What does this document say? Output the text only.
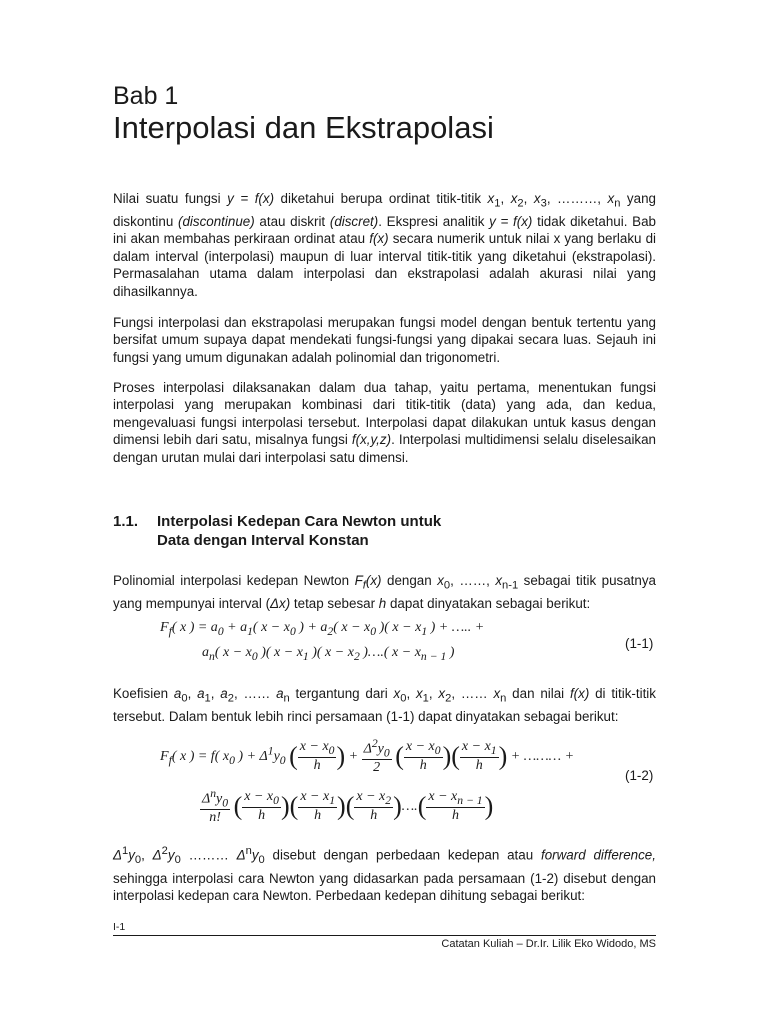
Bab 1
Interpolasi dan Ekstrapolasi

Nilai suatu fungsi y = f(x) diketahui berupa ordinat titik-titik $x_1$, $x_2$, $x_3$, ………, $x_n$ yang diskontinu (discontinue) atau diskrit (discret). Ekspresi analitik y = f(x) tidak diketahui. Bab ini akan membahas perkiraan ordinat atau f(x) secara numerik untuk nilai x yang berlaku di dalam interval (interpolasi) maupun di luar interval titik-titik yang diketahui (ekstrapolasi). Permasalahan utama dalam interpolasi dan ekstrapolasi adalah akurasi nilai yang dihasilkannya.

Fungsi interpolasi dan ekstrapolasi merupakan fungsi model dengan bentuk tertentu yang bersifat umum supaya dapat mendekati fungsi-fungsi yang dipakai secara luas. Sejauh ini fungsi yang umum digunakan adalah polinomial dan trigonometri.

Proses interpolasi dilaksanakan dalam dua tahap, yaitu pertama, menentukan fungsi interpolasi yang merupakan kombinasi dari titik-titik (data) yang ada, dan kedua, mengevaluasi fungsi interpolasi tersebut. Interpolasi dapat dilakukan untuk kasus dengan dimensi lebih dari satu, misalnya fungsi f(x,y,z). Interpolasi multidimensi selalu diselesaikan dengan urutan mulai dari interpolasi satu dimensi.

1.1. Interpolasi Kedepan Cara Newton untuk
Data dengan Interval Konstan

Polinomial interpolasi kedepan Newton $F_f(x)$ dengan $x_0$, ……, $x_{n-1}$ sebagai titik pusatnya yang mempunyai interval (Δx) tetap sebesar h dapat dinyatakan sebagai berikut:

$F_f$( x ) = $a_0 + a_1$( $x - x_0$ ) + $a_2$( $x - x_0$ )( $x - x_1$ ) + ….. +
$a_n$( $x - x_0$ )( $x - x_1$ )( $x - x_2$ )….( $x - x_{n - 1}$ )
(1-1)

Koefisien $a_0$, $a_1$, $a_2$, …… $a_n$ tergantung dari $x_0$, $x_1$, $x_2$, …… $x_n$ dan nilai f(x) di titik-titik tersebut. Dalam bentuk lebih rinci persamaan (1-1) dapat dinyatakan sebagai berikut:

$F_f$( x ) = f( $x_0$ ) + $\Delta^1y_0$ ( $\frac{x - x_0}{h}$ ) + $\frac{\Delta^2y_0}{2}$ ( $\frac{x - x_0}{h}$ )( $\frac{x - x_1}{h}$ ) + ……… +
$\frac{\Delta^ny_0}{n!}$ ( $\frac{x - x_0}{h}$ )( $\frac{x - x_1}{h}$ )( $\frac{x - x_2}{h}$ )….( $\frac{x - x_{n - 1}}{h}$ )
(1-2)

$\Delta^1y_0$, $\Delta^2y_0$ ……… $\Delta^ny_0$ disebut dengan perbedaan kedepan atau forward difference, sehingga interpolasi cara Newton yang didasarkan pada persamaan (1-2) disebut dengan interpolasi kedepan cara Newton. Perbedaan kedepan dihitung sebagai berikut:

I-1
Catatan Kuliah – Dr.Ir. Lilik Eko Widodo, MS
